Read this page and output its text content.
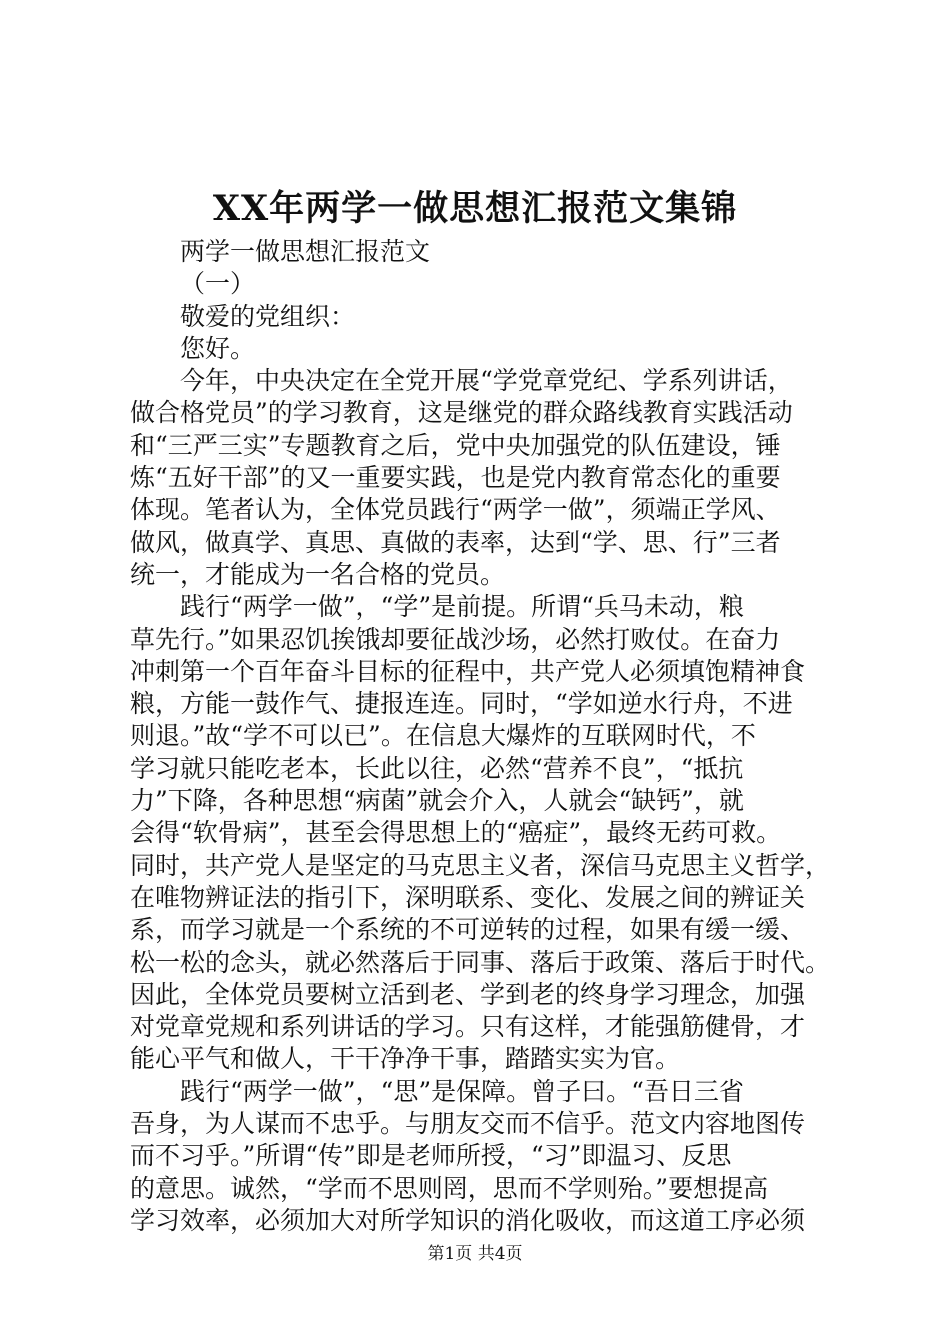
XX年两学一做思想汇报范文集锦
两学一做思想汇报范文
（一）
敬爱的党组织：
您好。
今年，中央决定在全党开展“学党章党纪、学系列讲话，
做合格党员”的学习教育，这是继党的群众路线教育实践活动
和“三严三实”专题教育之后，党中央加强党的队伍建设，锤
炼“五好干部”的又一重要实践，也是党内教育常态化的重要
体现。笔者认为，全体党员践行“两学一做”，须端正学风、
做风，做真学、真思、真做的表率，达到“学、思、行”三者
统一，才能成为一名合格的党员。
践行“两学一做”，“学”是前提。所谓“兵马未动，粮
草先行。”如果忍饥挨饿却要征战沙场，必然打败仗。在奋力
冲刺第一个百年奋斗目标的征程中，共产党人必须填饱精神食
粮，方能一鼓作气、捷报连连。同时，“学如逆水行舟，不进
则退。”故“学不可以已”。在信息大爆炸的互联网时代，不
学习就只能吃老本，长此以往，必然“营养不良”，“抵抗
力”下降，各种思想“病菌”就会介入，人就会“缺钙”，就
会得“软骨病”，甚至会得思想上的“癌症”，最终无药可救。
同时，共产党人是坚定的马克思主义者，深信马克思主义哲学，
在唯物辨证法的指引下，深明联系、变化、发展之间的辨证关
系，而学习就是一个系统的不可逆转的过程，如果有缓一缓、
松一松的念头，就必然落后于同事、落后于政策、落后于时代。
因此，全体党员要树立活到老、学到老的终身学习理念，加强
对党章党规和系列讲话的学习。只有这样，才能强筋健骨，才
能心平气和做人，干干净净干事，踏踏实实为官。
践行“两学一做”，“思”是保障。曾子曰。“吾日三省
吾身，为人谋而不忠乎。与朋友交而不信乎。范文内容地图传
而不习乎。”所谓“传”即是老师所授，“习”即温习、反思
的意思。诚然，“学而不思则罔，思而不学则殆。”要想提高
学习效率，必须加大对所学知识的消化吸收，而这道工序必须
第1页 共4页
